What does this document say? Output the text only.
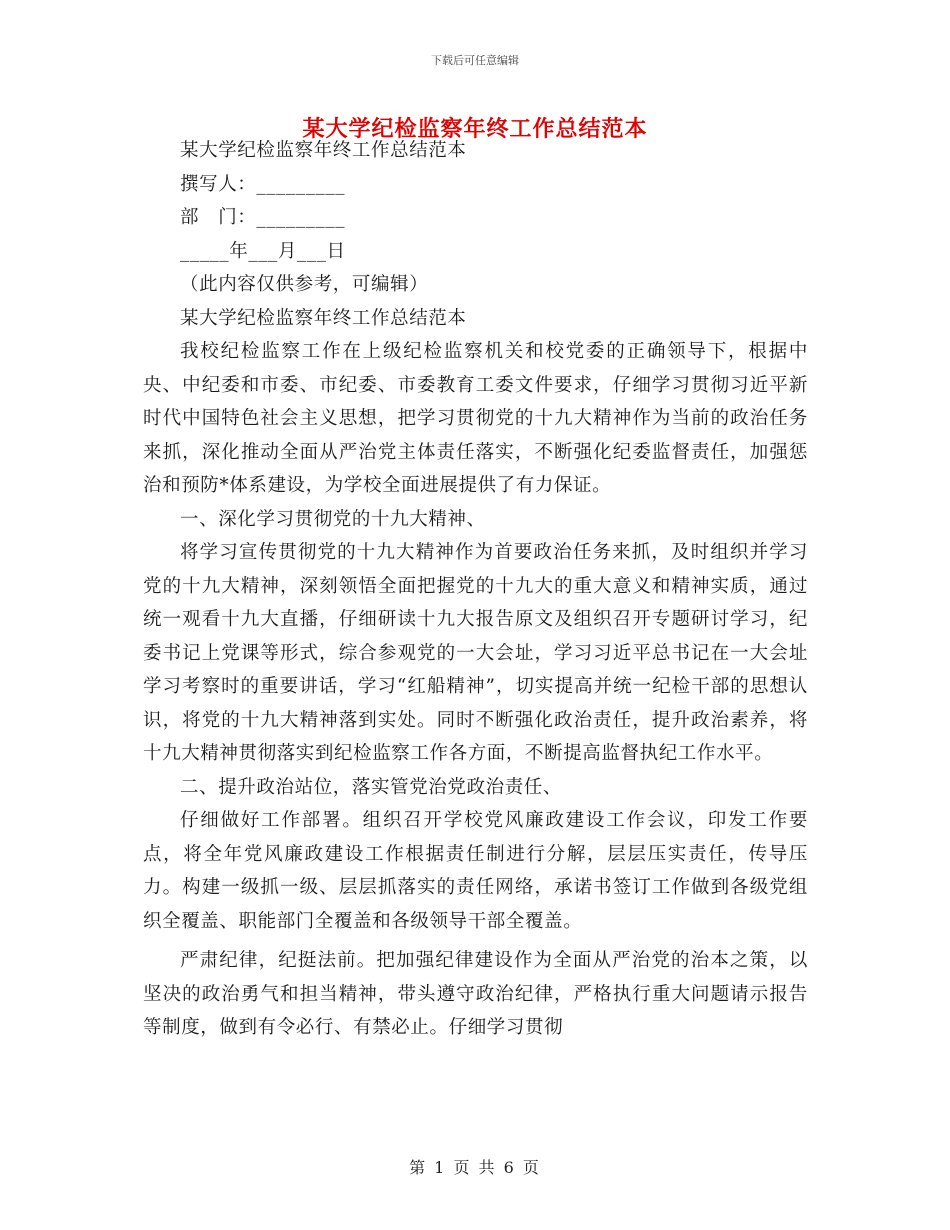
下载后可任意编辑
某大学纪检监察年终工作总结范本

某大学纪检监察年终工作总结范本

撰写人：_________

部　门：_________

_____年___月___日

（此内容仅供参考，可编辑）

某大学纪检监察年终工作总结范本

我校纪检监察工作在上级纪检监察机关和校党委的正确领导下，根据中央、中纪委和市委、市纪委、市委教育工委文件要求，仔细学习贯彻习近平新时代中国特色社会主义思想，把学习贯彻党的十九大精神作为当前的政治任务来抓，深化推动全面从严治党主体责任落实，不断强化纪委监督责任，加强惩治和预防*体系建设，为学校全面进展提供了有力保证。

一、深化学习贯彻党的十九大精神、

将学习宣传贯彻党的十九大精神作为首要政治任务来抓，及时组织并学习党的十九大精神，深刻领悟全面把握党的十九大的重大意义和精神实质，通过统一观看十九大直播，仔细研读十九大报告原文及组织召开专题研讨学习，纪委书记上党课等形式，综合参观党的一大会址，学习习近平总书记在一大会址学习考察时的重要讲话，学习“红船精神”，切实提高并统一纪检干部的思想认识，将党的十九大精神落到实处。同时不断强化政治责任，提升政治素养，将十九大精神贯彻落实到纪检监察工作各方面，不断提高监督执纪工作水平。

二、提升政治站位，落实管党治党政治责任、

仔细做好工作部署。组织召开学校党风廉政建设工作会议，印发工作要点，将全年党风廉政建设工作根据责任制进行分解，层层压实责任，传导压力。构建一级抓一级、层层抓落实的责任网络，承诺书签订工作做到各级党组织全覆盖、职能部门全覆盖和各级领导干部全覆盖。

严肃纪律，纪挺法前。把加强纪律建设作为全面从严治党的治本之策，以坚决的政治勇气和担当精神，带头遵守政治纪律，严格执行重大问题请示报告等制度，做到有令必行、有禁必止。仔细学习贯彻

第 1 页 共 6 页
